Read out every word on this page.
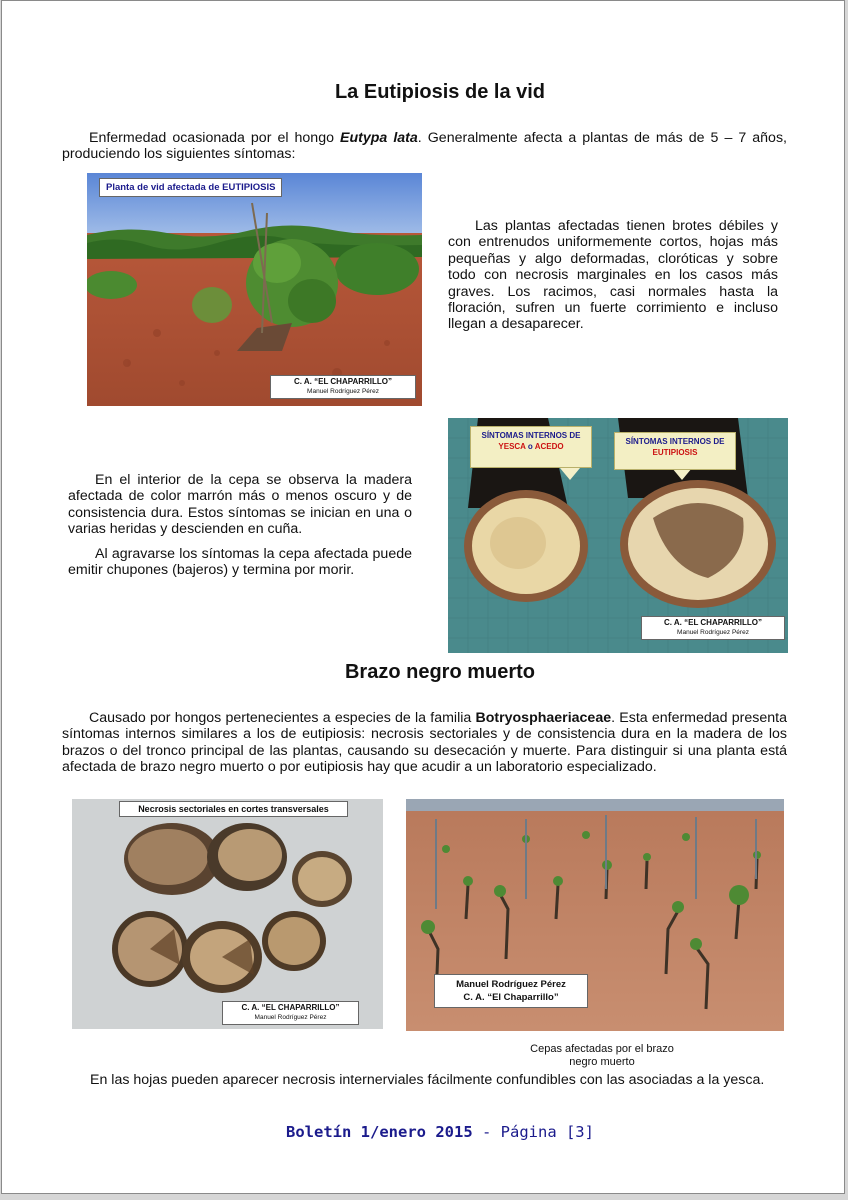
La Eutipiosis de la vid

Enfermedad ocasionada por el hongo Eutypa lata. Generalmente afecta a plantas de más de 5 – 7 años, produciendo los siguientes síntomas:

Planta de vid afectada de EUTIPIOSIS
C. A. “EL CHAPARRILLO”
Manuel Rodríguez Pérez

Las plantas afectadas tienen brotes débiles y con entrenudos uniformemente cortos, hojas más pequeñas y algo deformadas, cloróticas y sobre todo con necrosis marginales en los casos más graves. Los racimos, casi normales hasta la floración, sufren un fuerte corrimiento e incluso llegan a desaparecer.

SÍNTOMAS INTERNOS DE
YESCA o ACEDO
SÍNTOMAS INTERNOS DE
EUTIPIOSIS
C. A. “EL CHAPARRILLO”
Manuel Rodríguez Pérez

En el interior de la cepa se observa la madera afectada de color marrón más o menos oscuro y de consistencia dura. Estos síntomas se inician en una o varias heridas y descienden en cuña.

Al agravarse los síntomas la cepa afectada puede emitir chupones (bajeros) y termina por morir.

Brazo negro muerto

Causado por hongos pertenecientes a especies de la familia Botryosphaeriaceae. Esta enfermedad presenta síntomas internos similares a los de eutipiosis: necrosis sectoriales y de consistencia dura en la madera de los brazos o del tronco principal de las plantas, causando su desecación y muerte. Para distinguir si una planta está afectada de brazo negro muerto o por eutipiosis hay que acudir a un laboratorio especializado.

Necrosis sectoriales en cortes transversales
C. A. “EL CHAPARRILLO”
Manuel Rodríguez Pérez
Manuel Rodríguez Pérez
C. A. “El Chaparrillo”
Cepas afectadas por el brazo
negro muerto

En las hojas pueden aparecer necrosis internerviales fácilmente confundibles con las asociadas a la yesca.

Boletín 1/enero 2015 - Página [3]
